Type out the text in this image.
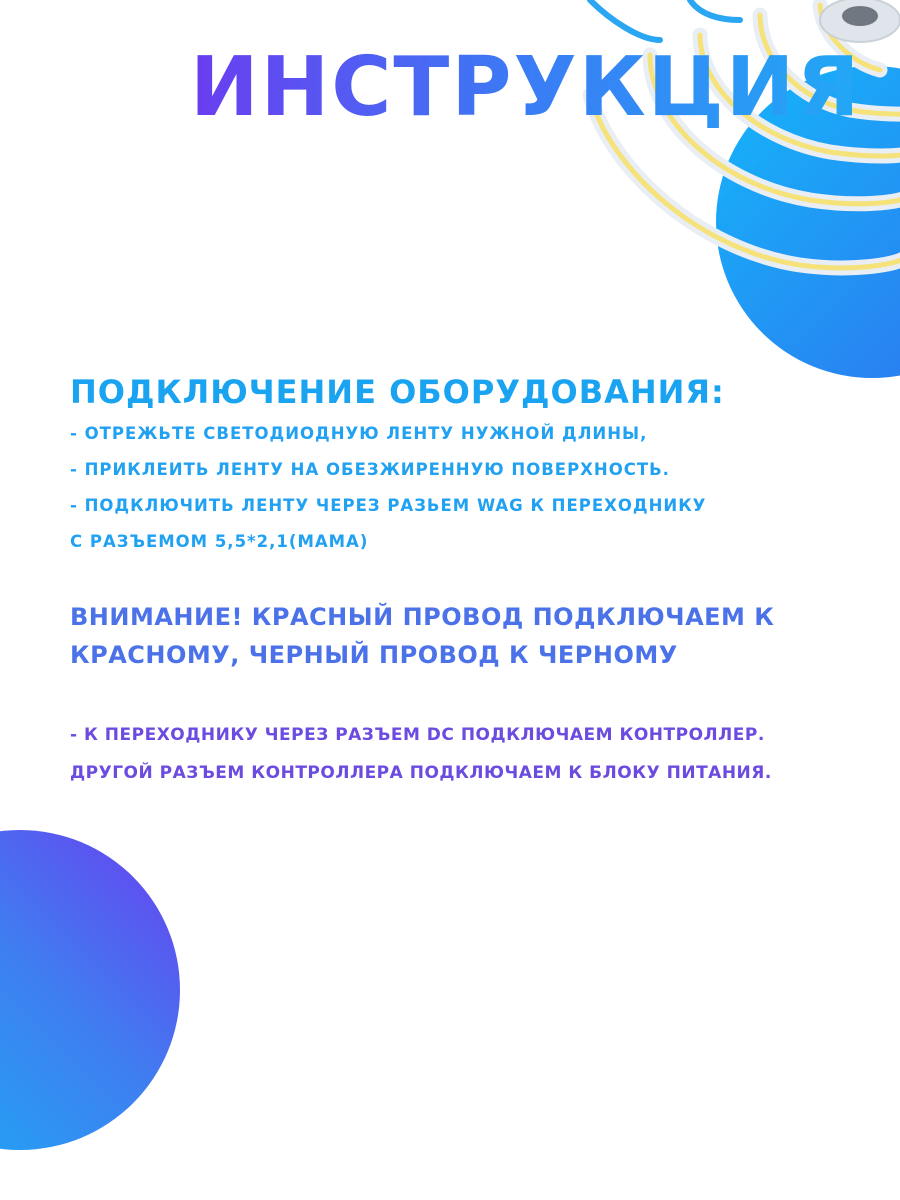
ИНСТРУКЦИЯ
ПОДКЛЮЧЕНИЕ ОБОРУДОВАНИЯ:
- ОТРЕЖЬТЕ СВЕТОДИОДНУЮ ЛЕНТУ НУЖНОЙ ДЛИНЫ,
- ПРИКЛЕИТЬ ЛЕНТУ НА ОБЕЗЖИРЕННУЮ ПОВЕРХНОСТЬ.
- ПОДКЛЮЧИТЬ ЛЕНТУ ЧЕРЕЗ РАЗЬЕМ WAG К ПЕРЕХОДНИКУ
С РАЗЪЕМОМ 5,5*2,1(МАМА)
ВНИМАНИЕ! КРАСНЫЙ ПРОВОД ПОДКЛЮЧАЕМ К
КРАСНОМУ, ЧЕРНЫЙ ПРОВОД К ЧЕРНОМУ
- К ПЕРЕХОДНИКУ ЧЕРЕЗ РАЗЪЕМ DC ПОДКЛЮЧАЕМ КОНТРОЛЛЕР.
ДРУГОЙ РАЗЪЕМ КОНТРОЛЛЕРА ПОДКЛЮЧАЕМ К БЛОКУ ПИТАНИЯ.
